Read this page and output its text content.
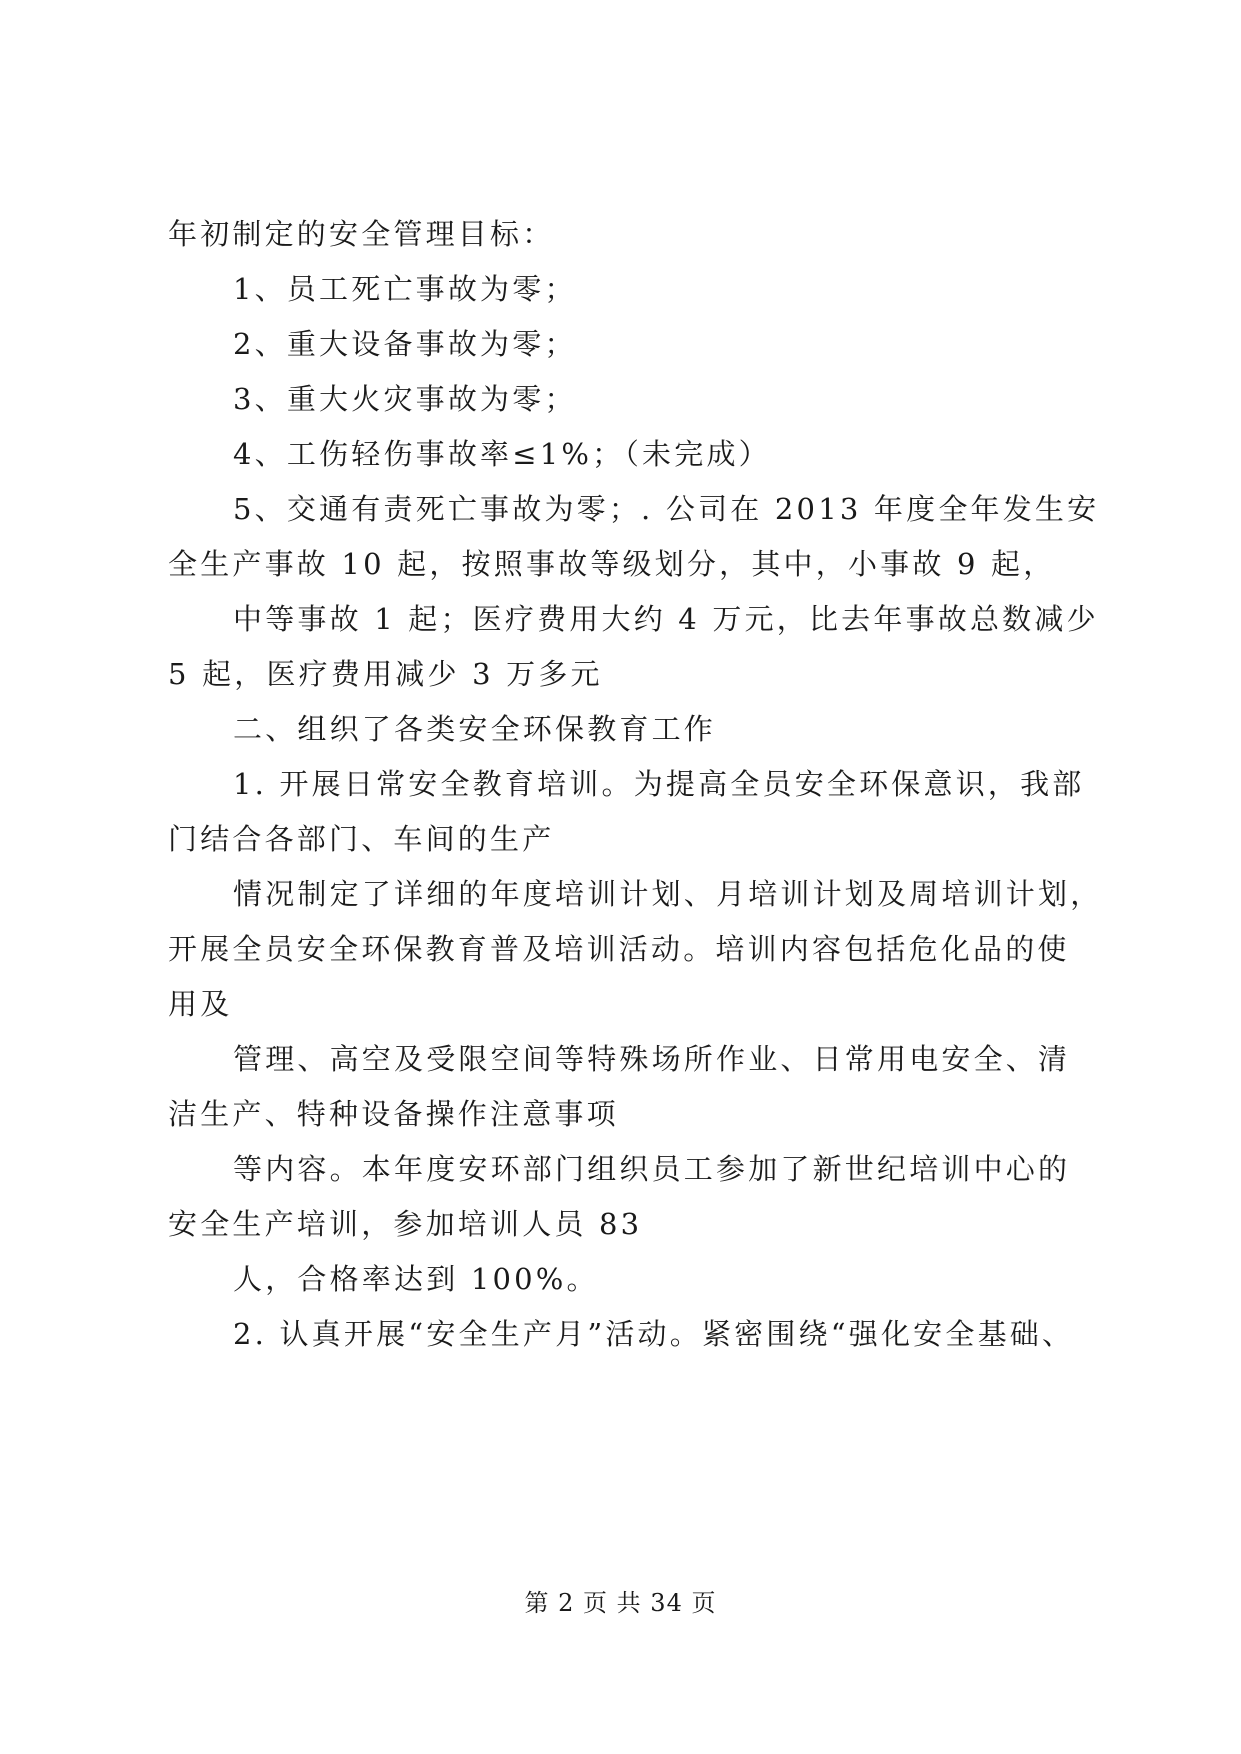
年初制定的安全管理目标：
1、员工死亡事故为零；
2、重大设备事故为零；
3、重大火灾事故为零；
4、工伤轻伤事故率≤1%；（未完成）
5、交通有责死亡事故为零；. 公司在 2013 年度全年发生安
全生产事故 10 起，按照事故等级划分，其中，小事故 9 起，
中等事故 1 起；医疗费用大约 4 万元，比去年事故总数减少
5 起，医疗费用减少 3 万多元
二、组织了各类安全环保教育工作
1. 开展日常安全教育培训。为提高全员安全环保意识，我部
门结合各部门、车间的生产
情况制定了详细的年度培训计划、月培训计划及周培训计划，
开展全员安全环保教育普及培训活动。培训内容包括危化品的使
用及
管理、高空及受限空间等特殊场所作业、日常用电安全、清
洁生产、特种设备操作注意事项
等内容。本年度安环部门组织员工参加了新世纪培训中心的
安全生产培训，参加培训人员 83
人，合格率达到 100%。
2. 认真开展“安全生产月”活动。紧密围绕“强化安全基础、
第 2 页 共 34 页
